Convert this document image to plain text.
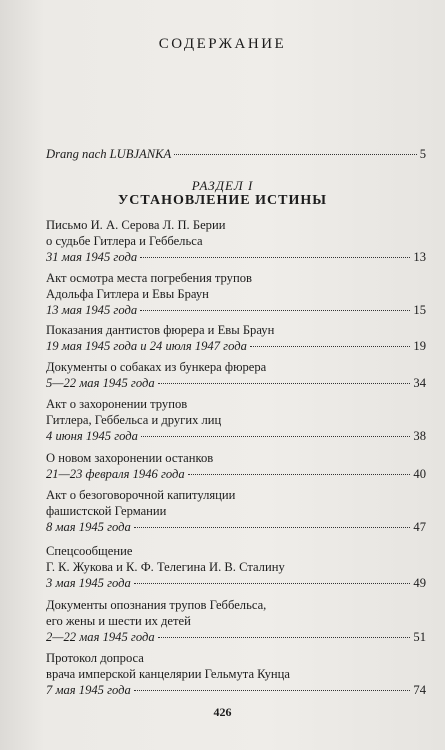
СОДЕРЖАНИЕ
Drang nach LUBJANKA	5
РАЗДЕЛ I
УСТАНОВЛЕНИЕ ИСТИНЫ
Письмо И. А. Серова Л. П. Берии
о судьбе Гитлера и Геббельса
31 мая 1945 года	13
Акт осмотра места погребения трупов
Адольфа Гитлера и Евы Браун
13 мая 1945 года	15
Показания дантистов фюрера и Евы Браун
19 мая 1945 года и 24 июля 1947 года	19
Документы о собаках из бункера фюрера
5—22 мая 1945 года	34
Акт о захоронении трупов
Гитлера, Геббельса и других лиц
4 июня 1945 года	38
О новом захоронении останков
21—23 февраля 1946 года	40
Акт о безоговорочной капитуляции
фашистской Германии
8 мая 1945 года	47
Спецсообщение
Г. К. Жукова и К. Ф. Телегина И. В. Сталину
3 мая 1945 года	49
Документы опознания трупов Геббельса,
его жены и шести их детей
2—22 мая 1945 года	51
Протокол допроса
врача имперской канцелярии Гельмута Кунца
7 мая 1945 года	74
426
